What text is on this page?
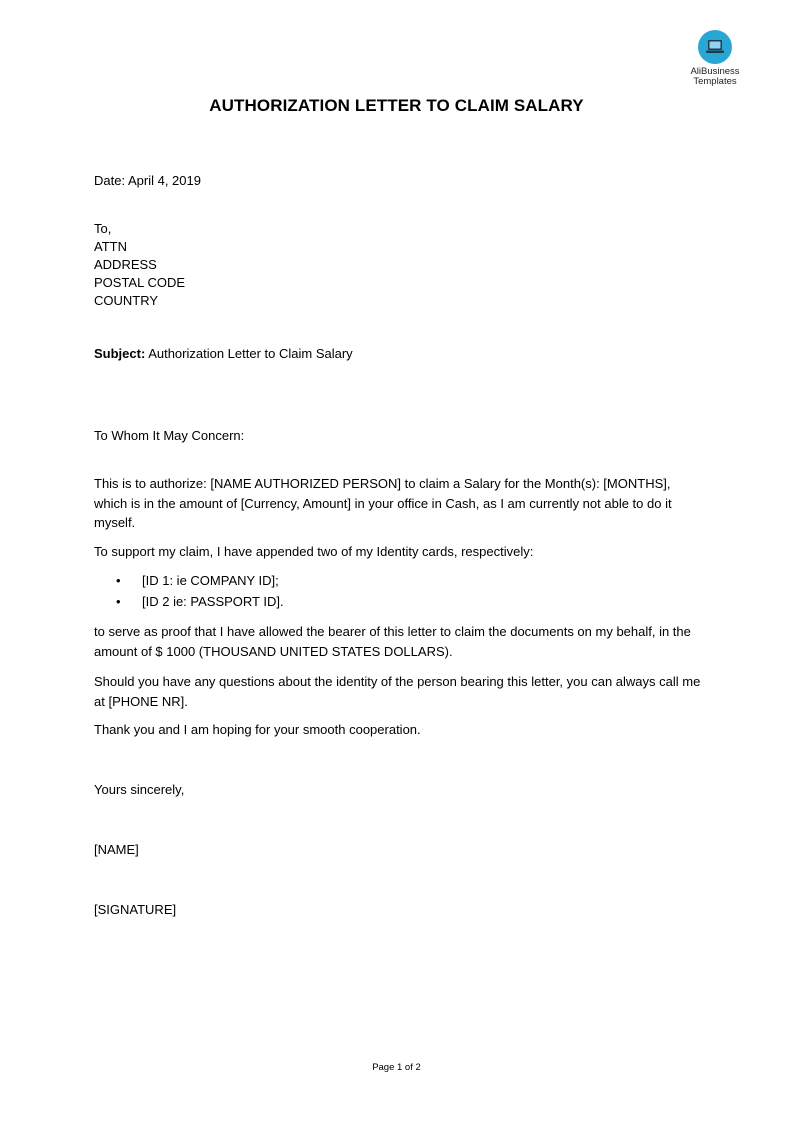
AliBusiness
Templates
AUTHORIZATION LETTER TO CLAIM SALARY
Date: April 4, 2019
To,
ATTN
ADDRESS
POSTAL CODE
COUNTRY
Subject: Authorization Letter to Claim Salary
To Whom It May Concern:
This is to authorize: [NAME AUTHORIZED PERSON] to claim a Salary for the Month(s): [MONTHS], which is in the amount of [Currency, Amount] in your office in Cash, as I am currently not able to do it myself.
To support my claim, I have appended two of my Identity cards, respectively:
• [ID 1: ie COMPANY ID];
• [ID 2 ie: PASSPORT ID].
to serve as proof that I have allowed the bearer of this letter to claim the documents on my behalf, in the amount of $ 1000 (THOUSAND UNITED STATES DOLLARS).
Should you have any questions about the identity of the person bearing this letter, you can always call me at [PHONE NR].
Thank you and I am hoping for your smooth cooperation.
Yours sincerely,
[NAME]
[SIGNATURE]
Page 1 of 2
